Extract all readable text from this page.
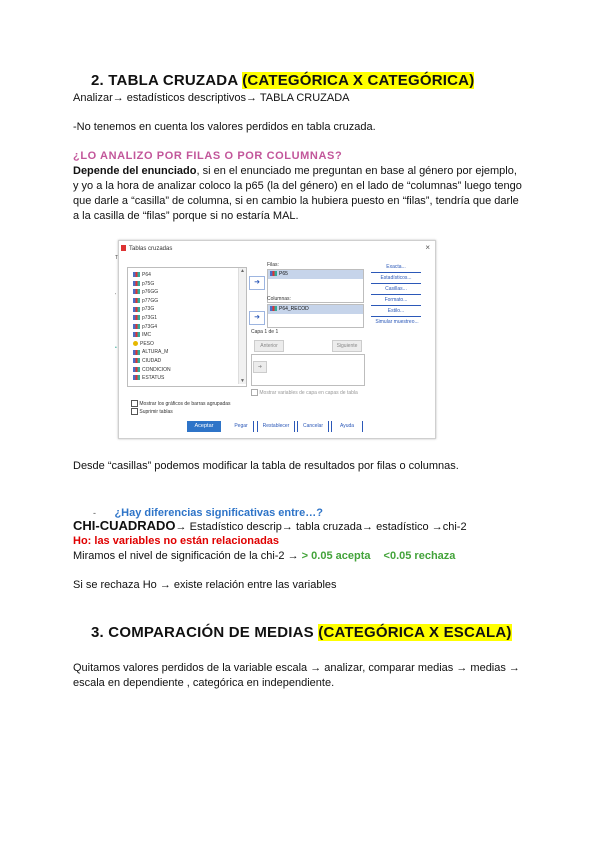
2. TABLA CRUZADA (CATEGÓRICA X CATEGÓRICA)
Analizar→ estadísticos descriptivos→ TABLA CRUZADA
-No tenemos en cuenta los valores perdidos en tabla cruzada.
¿LO ANALIZO POR FILAS O POR COLUMNAS?
Depende del enunciado, si en el enunciado me preguntan en base al género por ejemplo,
y yo a la hora de analizar coloco la p65 (la del género) en el lado de “columnas” luego tengo
que darle a “casilla” de columna, si en cambio la hubiera puesto en “filas”, tendría que darle
a la casilla de “filas” porque si no estaría MAL.
T
'
•
Tablas cruzadas	×
P64
p75G
p76GG
p77GG
p73G
p73G1
p73G4
IMC
PESO
ALTURA_M
CIUDAD
CONDICION
ESTATUS
▲
▼
Filas:
➜
P65
Columnas:
➜
P64_RECOD
Capa 1 de 1
Anterior	Siguiente
➜
Mostrar variables de capa en capas de tabla
Exacta...
Estadísticos...
Casillas...
Formato...
Estilo...
Simular muestreo...
Mostrar los gráficos de barras agrupadas
Suprimir tablas
Aceptar	Pegar	Restablecer	Cancelar	Ayuda
Desde “casillas” podemos modificar la tabla de resultados por filas o columnas.
- ¿Hay diferencias significativas entre…?
CHI-CUADRADO→ Estadístico descrip→ tabla cruzada→ estadístico →chi-2
Ho: las variables no están relacionadas
Miramos el nivel de significación de la chi-2 → > 0.05 acepta <0.05 rechaza
Si se rechaza Ho → existe relación entre las variables
3. COMPARACIÓN DE MEDIAS (CATEGÓRICA X ESCALA)
Quitamos valores perdidos de la variable escala → analizar, comparar medias → medias →
escala en dependiente , categórica en independiente.
